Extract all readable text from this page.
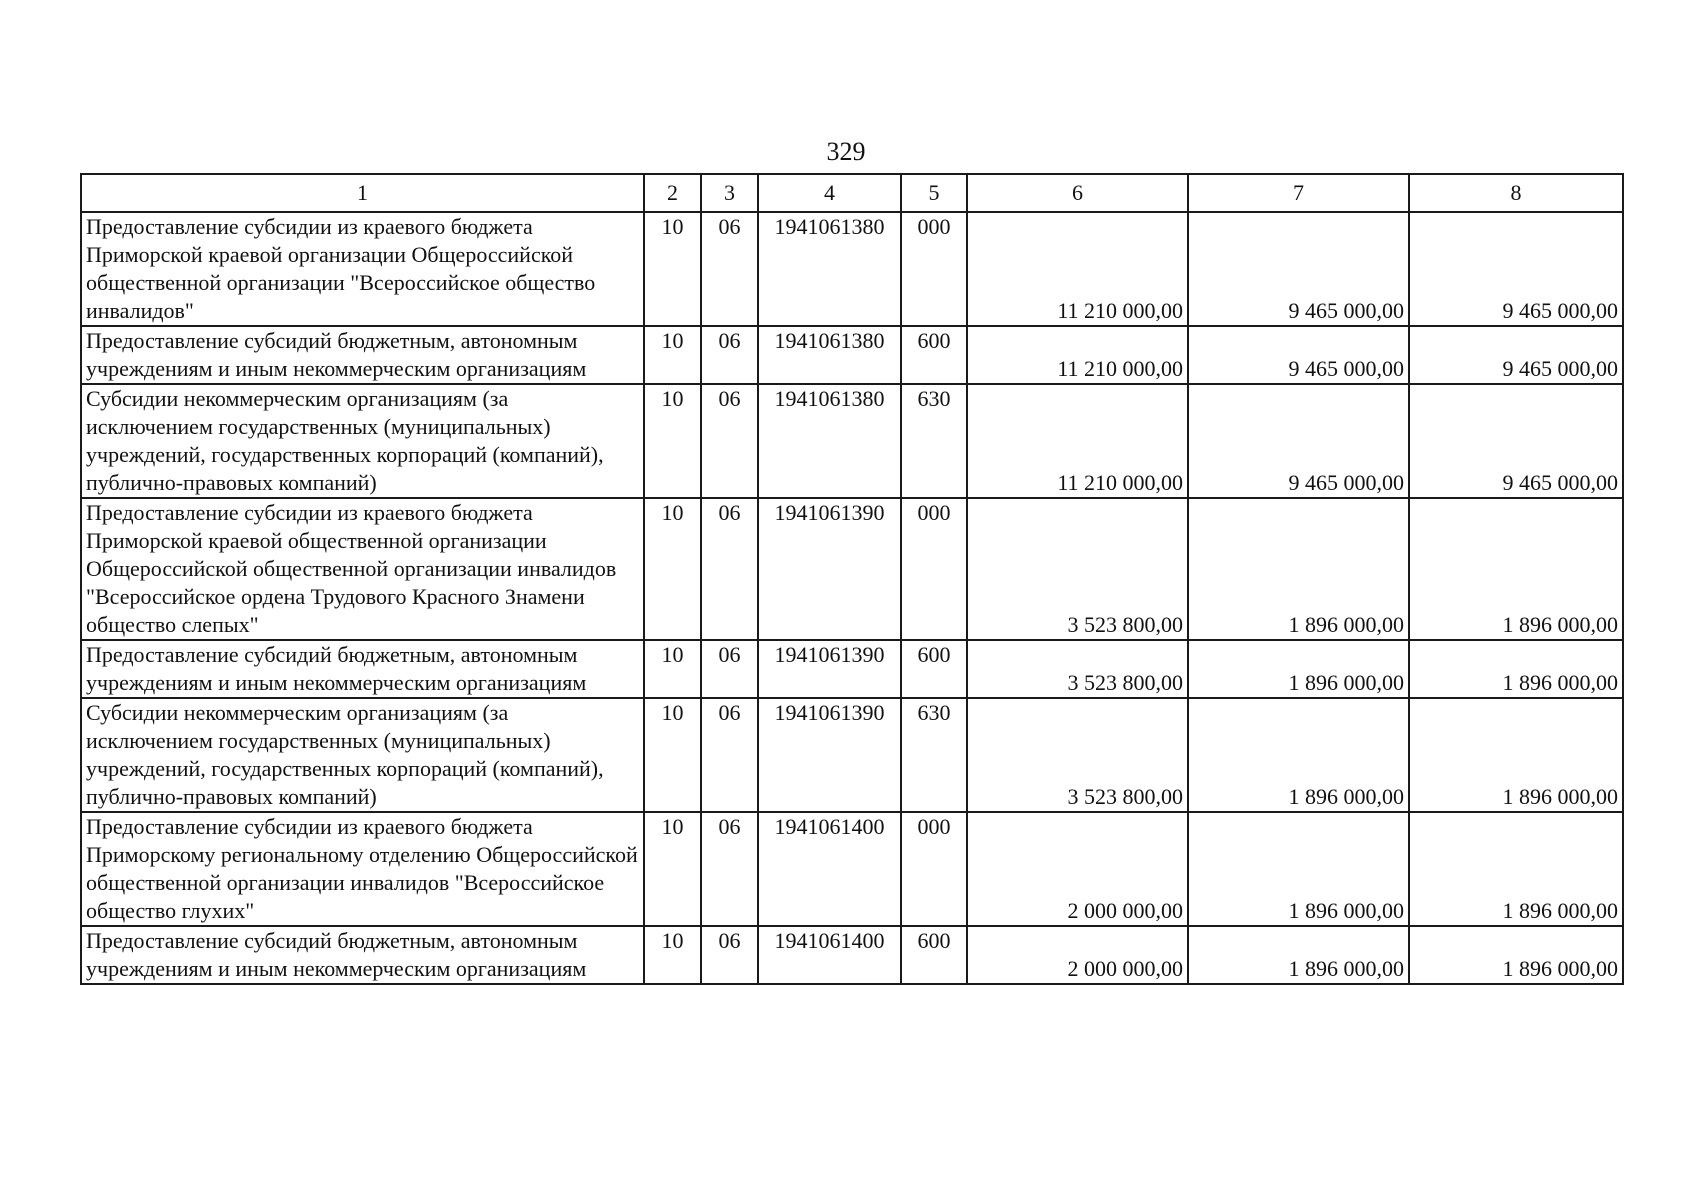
329
1	2	3	4	5	6	7	8
Предоставление субсидии из краевого бюджета Приморской краевой организации Общероссийской общественной организации "Всероссийское общество инвалидов"	10	06	1941061380	000	11 210 000,00	9 465 000,00	9 465 000,00
Предоставление субсидий бюджетным, автономным учреждениям и иным некоммерческим организациям	10	06	1941061380	600	11 210 000,00	9 465 000,00	9 465 000,00
Субсидии некоммерческим организациям (за исключением государственных (муниципальных) учреждений, государственных корпораций (компаний), публично-правовых компаний)	10	06	1941061380	630	11 210 000,00	9 465 000,00	9 465 000,00
Предоставление субсидии из краевого бюджета Приморской краевой общественной организации Общероссийской общественной организации инвалидов "Всероссийское ордена Трудового Красного Знамени общество слепых"	10	06	1941061390	000	3 523 800,00	1 896 000,00	1 896 000,00
Предоставление субсидий бюджетным, автономным учреждениям и иным некоммерческим организациям	10	06	1941061390	600	3 523 800,00	1 896 000,00	1 896 000,00
Субсидии некоммерческим организациям (за исключением государственных (муниципальных) учреждений, государственных корпораций (компаний), публично-правовых компаний)	10	06	1941061390	630	3 523 800,00	1 896 000,00	1 896 000,00
Предоставление субсидии из краевого бюджета Приморскому региональному отделению Общероссийской общественной организации инвалидов "Всероссийское общество глухих"	10	06	1941061400	000	2 000 000,00	1 896 000,00	1 896 000,00
Предоставление субсидий бюджетным, автономным учреждениям и иным некоммерческим организациям	10	06	1941061400	600	2 000 000,00	1 896 000,00	1 896 000,00
